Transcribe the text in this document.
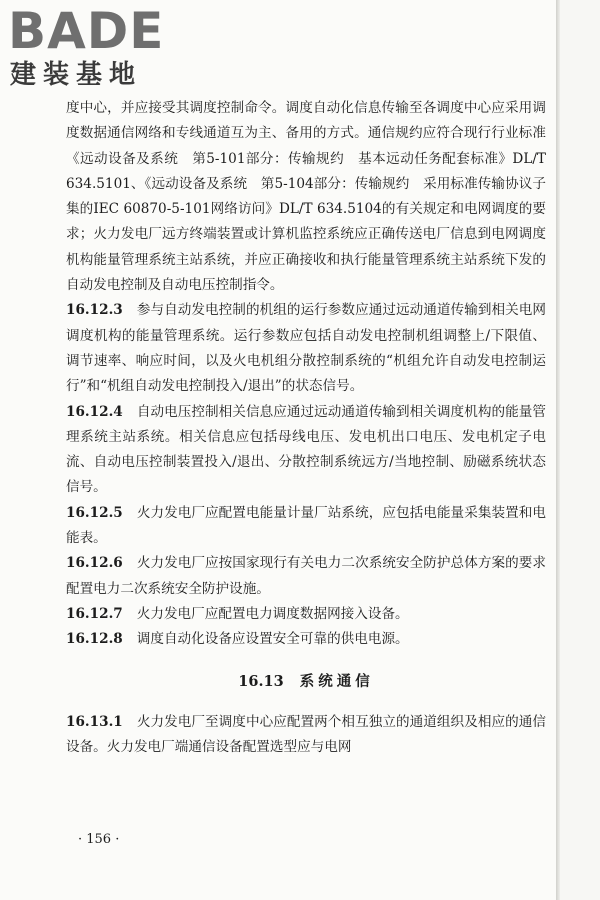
BADE
建装基地

度中心，并应接受其调度控制命令。调度自动化信息传输至各调度中心应采用调度数据通信网络和专线通道互为主、备用的方式。通信规约应符合现行行业标准《远动设备及系统　第5-101部分：传输规约　基本远动任务配套标准》DL/T 634.5101、《远动设备及系统　第5-104部分：传输规约　采用标准传输协议子集的IEC 60870-5-101网络访问》DL/T 634.5104的有关规定和电网调度的要求；火力发电厂远方终端装置或计算机监控系统应正确传送电厂信息到电网调度机构能量管理系统主站系统，并应正确接收和执行能量管理系统主站系统下发的自动发电控制及自动电压控制指令。

16.12.3 参与自动发电控制的机组的运行参数应通过远动通道传输到相关电网调度机构的能量管理系统。运行参数应包括自动发电控制机组调整上/下限值、调节速率、响应时间，以及火电机组分散控制系统的“机组允许自动发电控制运行”和“机组自动发电控制投入/退出”的状态信号。

16.12.4 自动电压控制相关信息应通过远动通道传输到相关调度机构的能量管理系统主站系统。相关信息应包括母线电压、发电机出口电压、发电机定子电流、自动电压控制装置投入/退出、分散控制系统远方/当地控制、励磁系统状态信号。

16.12.5 火力发电厂应配置电能量计量厂站系统，应包括电能量采集装置和电能表。

16.12.6 火力发电厂应按国家现行有关电力二次系统安全防护总体方案的要求配置电力二次系统安全防护设施。

16.12.7 火力发电厂应配置电力调度数据网接入设备。

16.12.8 调度自动化设备应设置安全可靠的供电电源。

16.13 系统通信

16.13.1 火力发电厂至调度中心应配置两个相互独立的通道组织及相应的通信设备。火力发电厂端通信设备配置选型应与电网

· 156 ·
